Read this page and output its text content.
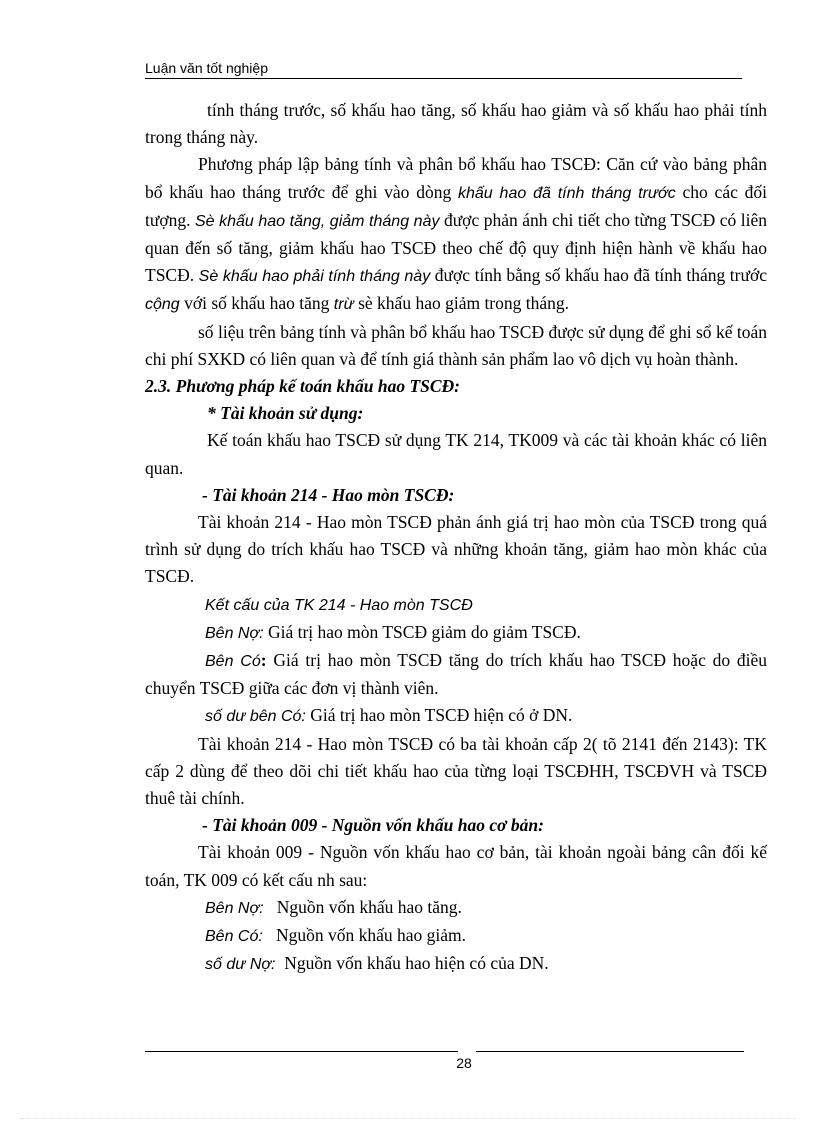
Luận văn tốt nghiệp

tính tháng trước, số khấu hao tăng, số khấu hao giảm và số khấu hao phải tính trong tháng này.

Phương pháp lập bảng tính và phân bổ khấu hao TSCĐ: Căn cứ vào bảng phân bổ khấu hao tháng trước để ghi vào dòng khấu hao đã tính tháng trước cho các đối tượng. Sè khấu hao tăng, giảm tháng này được phản ánh chi tiết cho từng TSCĐ có liên quan đến số tăng, giảm khấu hao TSCĐ theo chế độ quy định hiện hành về khấu hao TSCĐ. Sè khấu hao phải tính tháng này được tính bằng số khấu hao đã tính tháng trước cộng với số khấu hao tăng trừ sè khấu hao giảm trong tháng.

số liệu trên bảng tính và phân bổ khấu hao TSCĐ được sử dụng để ghi sổ kế toán chi phí SXKD có liên quan và để tính giá thành sản phẩm lao vô dịch vụ hoàn thành.

2.3. Phương pháp kế toán khấu hao TSCĐ:

* Tài khoản sử dụng:

Kế toán khấu hao TSCĐ sử dụng TK 214, TK009 và các tài khoản khác có liên quan.

- Tài khoản 214 - Hao mòn TSCĐ:

Tài khoản 214 - Hao mòn TSCĐ phản ánh giá trị hao mòn của TSCĐ trong quá trình sử dụng do trích khấu hao TSCĐ và những khoản tăng, giảm hao mòn khác của TSCĐ.

Kết cấu của TK 214 - Hao mòn TSCĐ

Bên Nợ: Giá trị hao mòn TSCĐ giảm do giảm TSCĐ.

Bên Có: Giá trị hao mòn TSCĐ tăng do trích khấu hao TSCĐ hoặc do điều chuyển TSCĐ giữa các đơn vị thành viên.

số dư bên Có: Giá trị hao mòn TSCĐ hiện có ở DN.

Tài khoản 214 - Hao mòn TSCĐ có ba tài khoản cấp 2( tõ 2141 đến 2143): TK cấp 2 dùng để theo dõi chi tiết khấu hao của từng loại TSCĐHH, TSCĐVH và TSCĐ thuê tài chính.

- Tài khoản 009 - Nguồn vốn khấu hao cơ bản:

Tài khoản 009 - Nguồn vốn khấu hao cơ bản, tài khoản ngoài bảng cân đối kế toán, TK 009 có kết cấu nh sau:

Bên Nợ: Nguồn vốn khấu hao tăng.

Bên Có: Nguồn vốn khấu hao giảm.

số dư Nợ: Nguồn vốn khấu hao hiện có của DN.

28
